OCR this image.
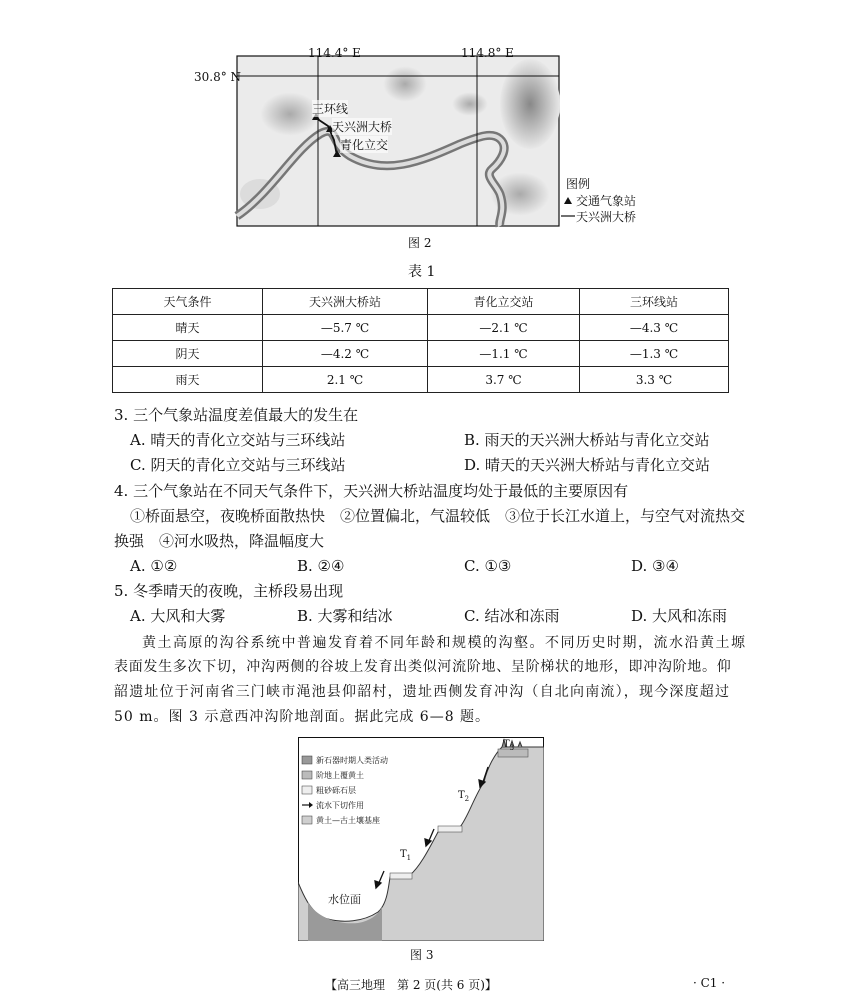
114.4° E	114.8° E
30.8° N
三环线
天兴洲大桥
青化立交
图例
交通气象站
天兴洲大桥
图 2
表 1
天气条件	天兴洲大桥站	青化立交站	三环线站
晴天	—5.7 ℃	—2.1 ℃	—4.3 ℃
阴天	—4.2 ℃	—1.1 ℃	—1.3 ℃
雨天	2.1 ℃	3.7 ℃	3.3 ℃
3. 三个气象站温度差值最大的发生在
A. 晴天的青化立交站与三环线站	B. 雨天的天兴洲大桥站与青化立交站
C. 阴天的青化立交站与三环线站	D. 晴天的天兴洲大桥站与青化立交站
4. 三个气象站在不同天气条件下，天兴洲大桥站温度均处于最低的主要原因有
①桥面悬空，夜晚桥面散热快　②位置偏北，气温较低　③位于长江水道上，与空气对流热交
换强　④河水吸热，降温幅度大
A. ①②	B. ②④	C. ①③	D. ③④
5. 冬季晴天的夜晚，主桥段易出现
A. 大风和大雾	B. 大雾和结冰	C. 结冰和冻雨	D. 大风和冻雨
黄土高原的沟谷系统中普遍发育着不同年龄和规模的沟壑。不同历史时期，流水沿黄土塬
表面发生多次下切，冲沟两侧的谷坡上发育出类似河流阶地、呈阶梯状的地形，即冲沟阶地。仰
韶遗址位于河南省三门峡市渑池县仰韶村，遗址西侧发育冲沟（自北向南流），现今深度超过
50 m。图 3 示意西冲沟阶地剖面。据此完成 6—8 题。
新石器时期人类活动
阶地上覆黄土
粗砂砾石层
流水下切作用
黄土—古土壤基座
$T_1$
$T_2$
$T_3$
水位面
图 3
【高三地理　第 2 页(共 6 页)】	· C1 ·
